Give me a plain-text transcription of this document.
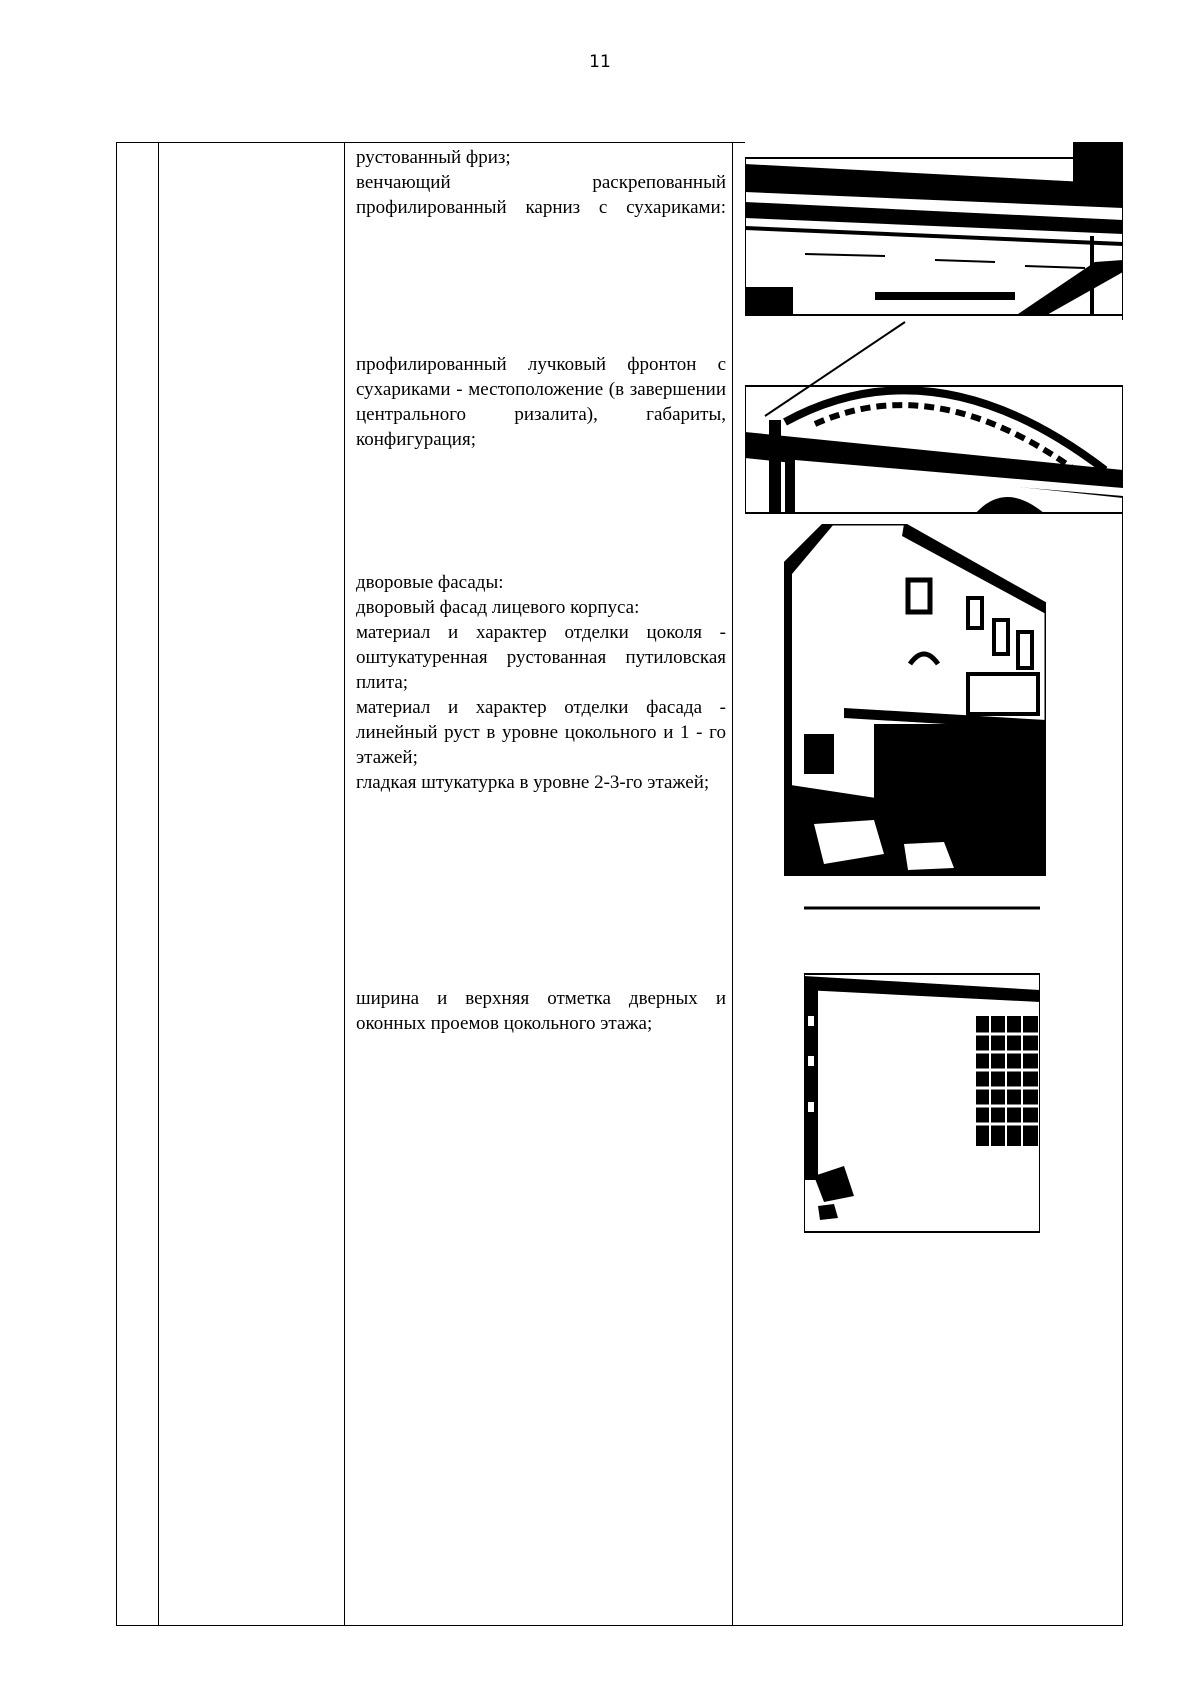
11

рустованный фриз;

венчающий раскрепованный профилированный карниз с сухариками:

профилированный лучковый фронтон с сухариками - местоположение (в завершении центрального ризалита), габариты, конфигурация;

дворовые фасады:

дворовый фасад лицевого корпуса:

материал и характер отделки цоколя - оштукатуренная рустованная путиловская плита;

материал и характер отделки фасада - линейный руст в уровне цокольного и 1 - го этажей;

гладкая штукатурка в уровне 2-3-го этажей;

ширина и верхняя отметка дверных и оконных проемов цокольного этажа;
